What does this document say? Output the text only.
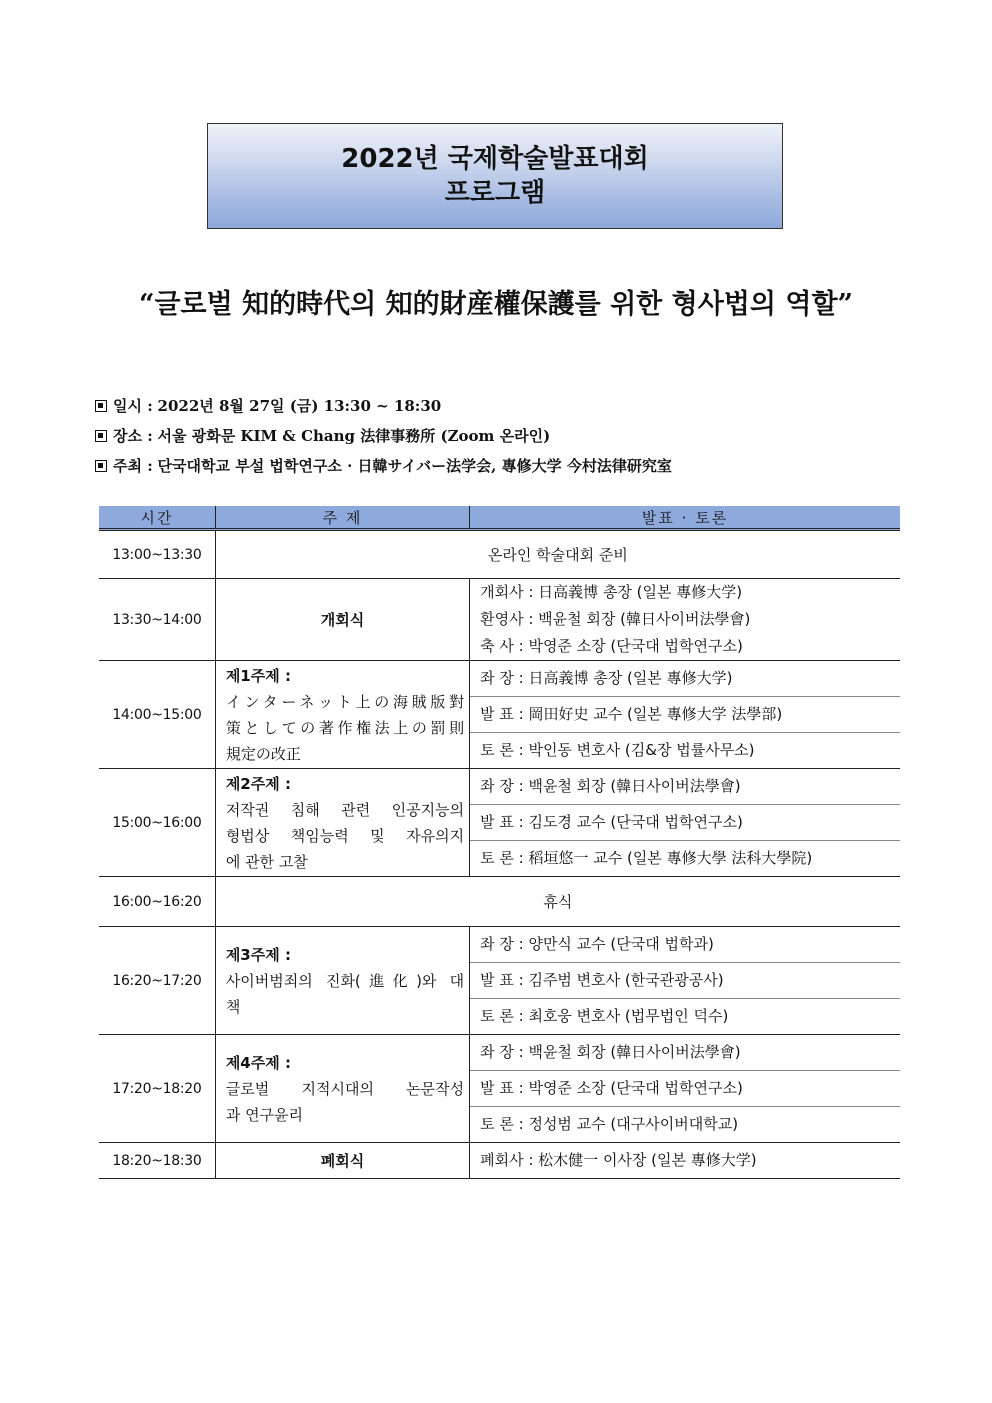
2022년 국제학술발표대회
프로그램
“글로벌 知的時代의 知的財産權保護를 위한 형사법의 역할”
일시 : 2022년 8월 27일 (금) 13:30 ~ 18:30
장소 : 서울 광화문 KIM & Chang 法律事務所 (Zoom 온라인)
주최 : 단국대학교 부설 법학연구소 · 日韓サイバー法学会, 專修大学 今村法律研究室
시간	주 제	발표 · 토론
13:00~13:30	온라인 학술대회 준비	
13:30~14:00	개회식	개회사 : 日高義博 총장 (일본 專修大学)
환영사 : 백윤철 회장 (韓日사이버法學會)
축 사 : 박영준 소장 (단국대 법학연구소)

14:00~15:00	제1주제 :
インターネット上の海賊版對
策としての著作権法上の罰則
規定の改正	좌 장 : 日高義博 총장 (일본 專修大学)
		발 표 : 岡田好史 교수 (일본 專修大学 法學部)
		토 론 : 박인동 변호사 (김&장 법률사무소)
15:00~16:00	제2주제 :
저작권 침해 관련 인공지능의
형법상 책임능력 및 자유의지
에 관한 고찰	좌 장 : 백윤철 회장 (韓日사이버法學會)
		발 표 : 김도경 교수 (단국대 법학연구소)
		토 론 : 稻垣悠一 교수 (일본 專修大學 法科大學院)
16:00~16:20	휴식	
16:20~17:20	제3주제 :
사이버범죄의 진화(進化)와 대
책	좌 장 : 양만식 교수 (단국대 법학과)
		발 표 : 김주범 변호사 (한국관광공사)
		토 론 : 최호웅 변호사 (법무법인 덕수)
17:20~18:20	제4주제 :
글로벌 지적시대의 논문작성
과 연구윤리	좌 장 : 백윤철 회장 (韓日사이버法學會)
		발 표 : 박영준 소장 (단국대 법학연구소)
		토 론 : 정성범 교수 (대구사이버대학교)
18:20~18:30	폐회식	폐회사 : 松木健一 이사장 (일본 專修大学)
